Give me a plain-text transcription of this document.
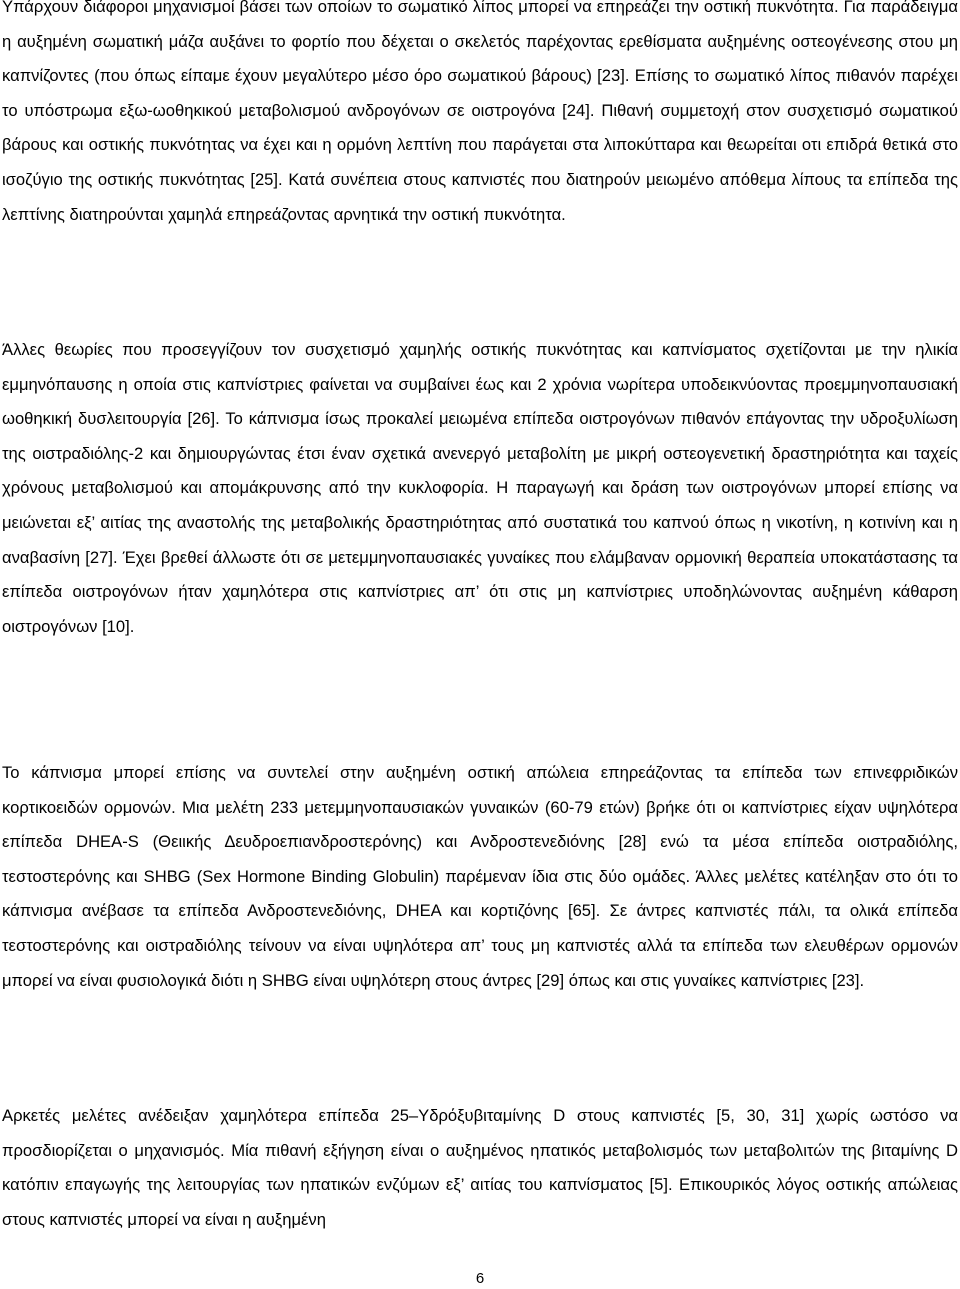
Υπάρχουν διάφοροι μηχανισμοί βάσει των οποίων το σωματικό λίπος μπορεί να επηρεάζει την οστική πυκνότητα. Για παράδειγμα η αυξημένη σωματική μάζα αυξάνει το φορτίο που δέχεται ο σκελετός παρέχοντας ερεθίσματα αυξημένης οστεογένεσης στου μη καπνίζοντες (που όπως είπαμε έχουν μεγαλύτερο μέσο όρο σωματικού βάρους) [23]. Επίσης το σωματικό λίπος πιθανόν παρέχει το υπόστρωμα εξω-ωοθηκικού μεταβολισμού ανδρογόνων σε οιστρογόνα [24]. Πιθανή συμμετοχή στον συσχετισμό σωματικού βάρους και οστικής πυκνότητας να έχει και η ορμόνη λεπτίνη που παράγεται στα λιποκύτταρα και θεωρείται οτι επιδρά θετικά στο ισοζύγιο της οστικής πυκνότητας [25]. Κατά συνέπεια στους καπνιστές που διατηρούν μειωμένο απόθεμα λίπους τα επίπεδα της λεπτίνης διατηρούνται χαμηλά επηρεάζοντας αρνητικά την οστική πυκνότητα.

Άλλες θεωρίες που προσεγγίζουν τον συσχετισμό χαμηλής οστικής πυκνότητας και καπνίσματος σχετίζονται με την ηλικία εμμηνόπαυσης η οποία στις καπνίστριες φαίνεται να συμβαίνει έως και 2 χρόνια νωρίτερα υποδεικνύοντας προεμμηνοπαυσιακή ωοθηκική δυσλειτουργία [26]. Το κάπνισμα ίσως προκαλεί μειωμένα επίπεδα οιστρογόνων πιθανόν επάγοντας την υδροξυλίωση της οιστραδιόλης-2 και δημιουργώντας έτσι έναν σχετικά ανενεργό μεταβολίτη με μικρή οστεογενετική δραστηριότητα και ταχείς χρόνους μεταβολισμού και απομάκρυνσης από την κυκλοφορία. Η παραγωγή και δράση των οιστρογόνων μπορεί επίσης να μειώνεται εξ’ αιτίας της αναστολής της μεταβολικής δραστηριότητας από συστατικά του καπνού όπως η νικοτίνη, η κοτινίνη και η αναβασίνη [27]. Έχει βρεθεί άλλωστε ότι σε μετεμμηνοπαυσιακές γυναίκες που ελάμβαναν ορμονική θεραπεία υποκατάστασης τα επίπεδα οιστρογόνων ήταν χαμηλότερα στις καπνίστριες απ’ ότι στις μη καπνίστριες υποδηλώνοντας αυξημένη κάθαρση οιστρογόνων [10].

Το κάπνισμα μπορεί επίσης να συντελεί στην αυξημένη οστική απώλεια επηρεάζοντας τα επίπεδα των επινεφριδικών κορτικοειδών ορμονών. Μια μελέτη 233 μετεμμηνοπαυσιακών γυναικών (60-79 ετών) βρήκε ότι οι καπνίστριες είχαν υψηλότερα επίπεδα DHEA-S (Θειικής Δευδροεπιανδροστερόνης) και Ανδροστενεδιόνης [28] ενώ τα μέσα επίπεδα οιστραδιόλης, τεστοστερόνης και SHBG (Sex Hormone Binding Globulin) παρέμεναν ίδια στις δύο ομάδες. Άλλες μελέτες κατέληξαν στο ότι το κάπνισμα ανέβασε τα επίπεδα Ανδροστενεδιόνης, DHEA και κορτιζόνης [65]. Σε άντρες καπνιστές πάλι, τα ολικά επίπεδα τεστοστερόνης και οιστραδιόλης τείνουν να είναι υψηλότερα απ’ τους μη καπνιστές αλλά τα επίπεδα των ελευθέρων ορμονών μπορεί να είναι φυσιολογικά διότι η SHBG είναι υψηλότερη στους άντρες [29] όπως και στις γυναίκες καπνίστριες [23].

Αρκετές μελέτες ανέδειξαν χαμηλότερα επίπεδα 25–Υδρόξυβιταμίνης D στους καπνιστές [5, 30, 31] χωρίς ωστόσο να προσδιορίζεται ο μηχανισμός. Μία πιθανή εξήγηση είναι ο αυξημένος ηπατικός μεταβολισμός των μεταβολιτών της βιταμίνης D κατόπιν επαγωγής της λειτουργίας των ηπατικών ενζύμων εξ’ αιτίας του καπνίσματος [5]. Επικουρικός λόγος οστικής απώλειας στους καπνιστές μπορεί να είναι η αυξημένη

6
